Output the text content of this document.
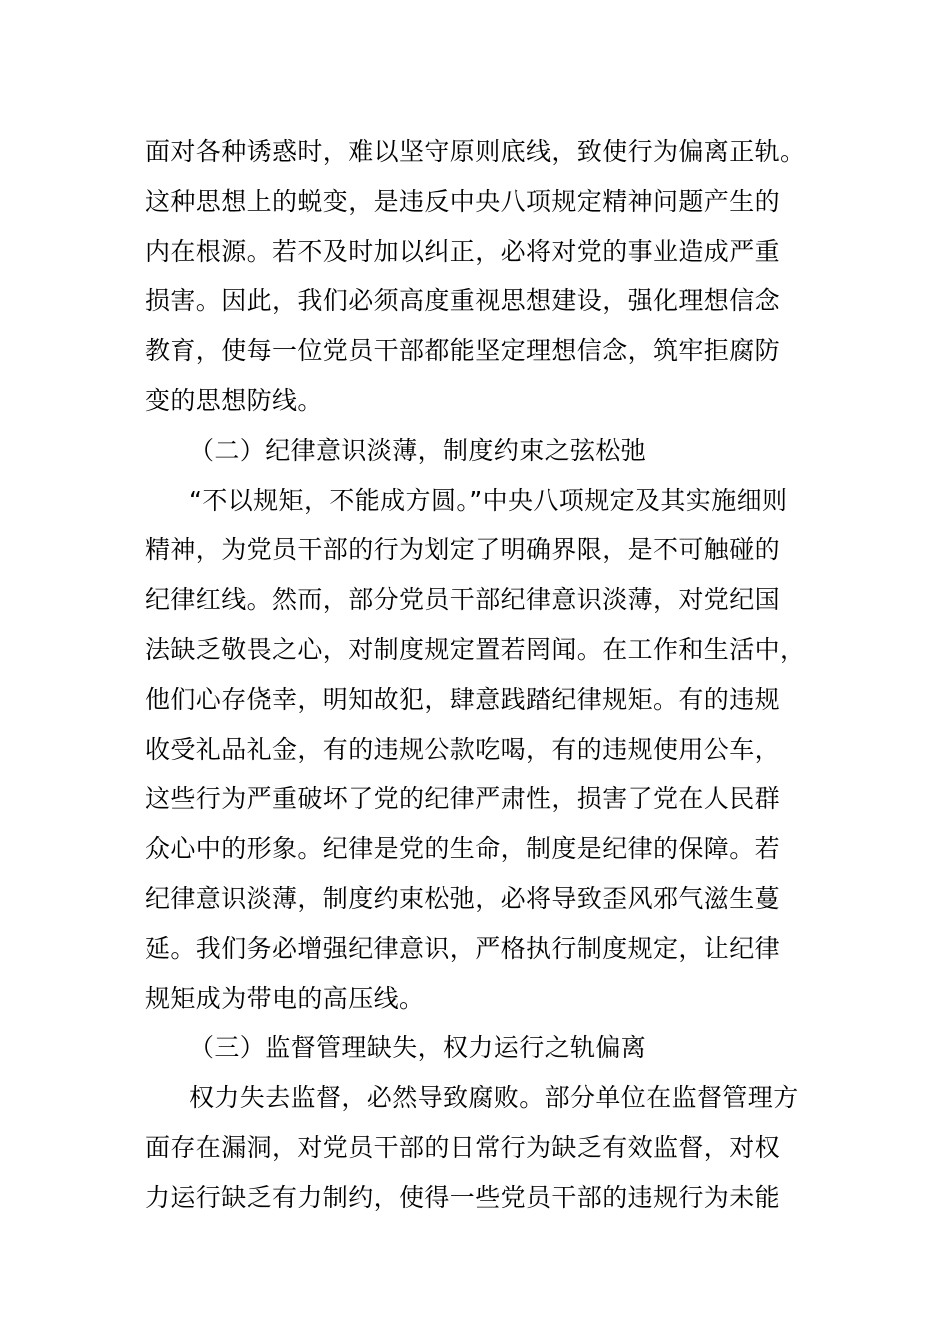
面对各种诱惑时，难以坚守原则底线，致使行为偏离正轨。
这种思想上的蜕变，是违反中央八项规定精神问题产生的
内在根源。若不及时加以纠正，必将对党的事业造成严重
损害。因此，我们必须高度重视思想建设，强化理想信念
教育，使每一位党员干部都能坚定理想信念，筑牢拒腐防
变的思想防线。
（二）纪律意识淡薄，制度约束之弦松弛
“不以规矩，不能成方圆。”中央八项规定及其实施细则
精神，为党员干部的行为划定了明确界限，是不可触碰的
纪律红线。然而，部分党员干部纪律意识淡薄，对党纪国
法缺乏敬畏之心，对制度规定置若罔闻。在工作和生活中，
他们心存侥幸，明知故犯，肆意践踏纪律规矩。有的违规
收受礼品礼金，有的违规公款吃喝，有的违规使用公车，
这些行为严重破坏了党的纪律严肃性，损害了党在人民群
众心中的形象。纪律是党的生命，制度是纪律的保障。若
纪律意识淡薄，制度约束松弛，必将导致歪风邪气滋生蔓
延。我们务必增强纪律意识，严格执行制度规定，让纪律
规矩成为带电的高压线。
（三）监督管理缺失，权力运行之轨偏离
权力失去监督，必然导致腐败。部分单位在监督管理方
面存在漏洞，对党员干部的日常行为缺乏有效监督，对权
力运行缺乏有力制约，使得一些党员干部的违规行为未能
